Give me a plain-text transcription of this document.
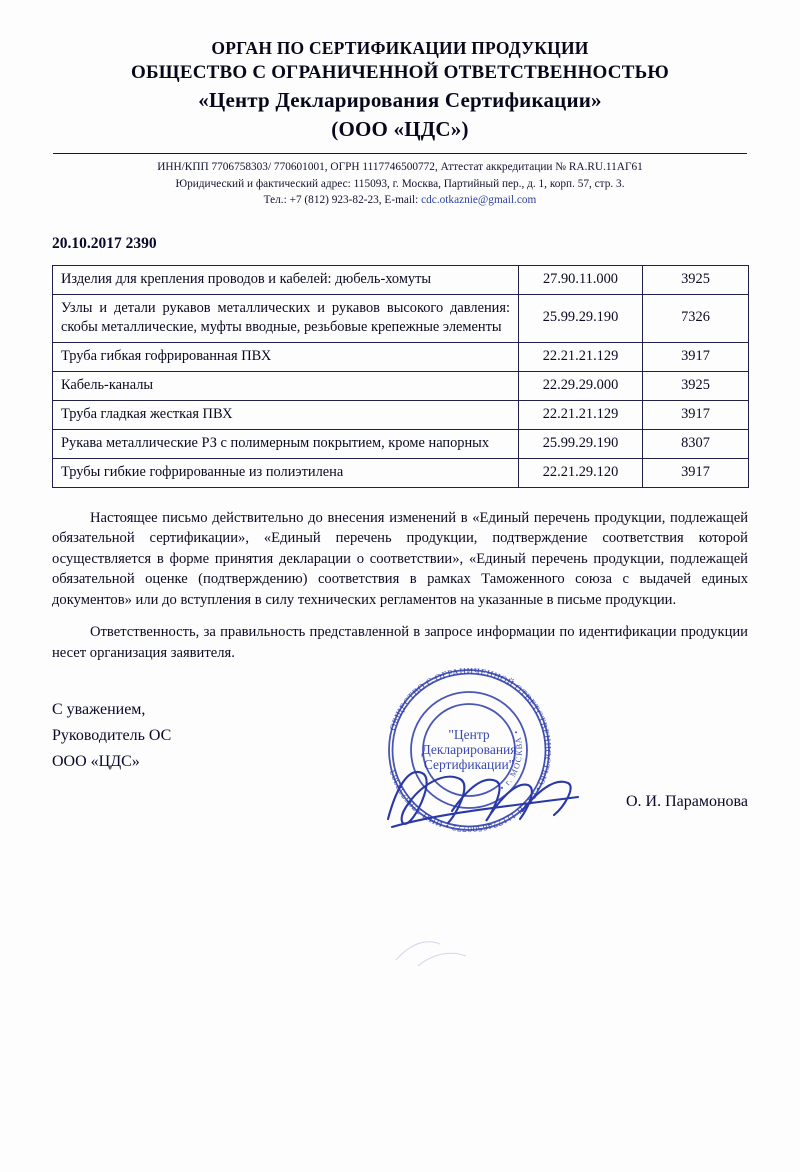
ОРГАН ПО СЕРТИФИКАЦИИ ПРОДУКЦИИ
ОБЩЕСТВО С ОГРАНИЧЕННОЙ ОТВЕТСТВЕННОСТЬЮ
«Центр Декларирования Сертификации»
(ООО «ЦДС»)
ИНН/КПП 7706758303/ 770601001, ОГРН 1117746500772, Аттестат аккредитации № RA.RU.11АГ61
Юридический и фактический адрес: 115093, г. Москва, Партийный пер., д. 1, корп. 57, стр. 3.
Тел.: +7 (812) 923-82-23, E-mail: cdc.otkaznie@gmail.com
20.10.2017 2390
Изделия для крепления проводов и кабелей: дюбель-хомуты	27.90.11.000	3925
Узлы и детали рукавов металлических и рукавов высокого давления: скобы металлические, муфты вводные, резьбовые крепежные элементы	25.99.29.190	7326
Труба гибкая гофрированная ПВХ	22.21.21.129	3917
Кабель-каналы	22.29.29.000	3925
Труба гладкая жесткая ПВХ	22.21.21.129	3917
Рукава металлические РЗ с полимерным покрытием, кроме напорных	25.99.29.190	8307
Трубы гибкие гофрированные из полиэтилена	22.21.29.120	3917
Настоящее письмо действительно до внесения изменений в «Единый перечень продукции, подлежащей обязательной сертификации», «Единый перечень продукции, подтверждение соответствия которой осуществляется в форме принятия декларации о соответствии», «Единый перечень продукции, подлежащей обязательной оценке (подтверждению) соответствия в рамках Таможенного союза с выдачей единых документов» или до вступления в силу технических регламентов на указанные в письме продукции.
Ответственность, за правильность представленной в запросе информации по идентификации продукции несет организация заявителя.
С уважением,
Руководитель ОС
ООО «ЦДС»
ОБЩЕСТВО С ОГРАНИЧЕННОЙ ОТВЕТСТВЕННОСТЬЮ • ОГРН 1117746500772 • ИНН 7706758303
• г. МОСКВА •
"Центр
Декларирования
Сертификации"
О. И. Парамонова
